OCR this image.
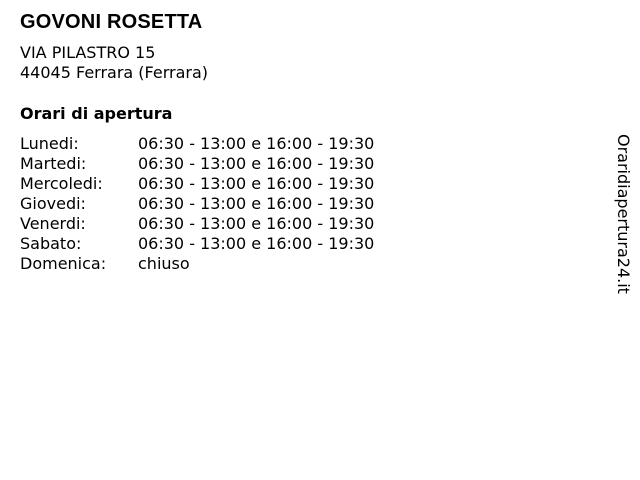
GOVONI ROSETTA
VIA PILASTRO 15
44045 Ferrara (Ferrara)
Orari di apertura
Lunedi:	06:30 - 13:00 e 16:00 - 19:30
Martedi:	06:30 - 13:00 e 16:00 - 19:30
Mercoledi:	06:30 - 13:00 e 16:00 - 19:30
Giovedi:	06:30 - 13:00 e 16:00 - 19:30
Venerdi:	06:30 - 13:00 e 16:00 - 19:30
Sabato:	06:30 - 13:00 e 16:00 - 19:30
Domenica:	chiuso	Oraridiapertura24.it
